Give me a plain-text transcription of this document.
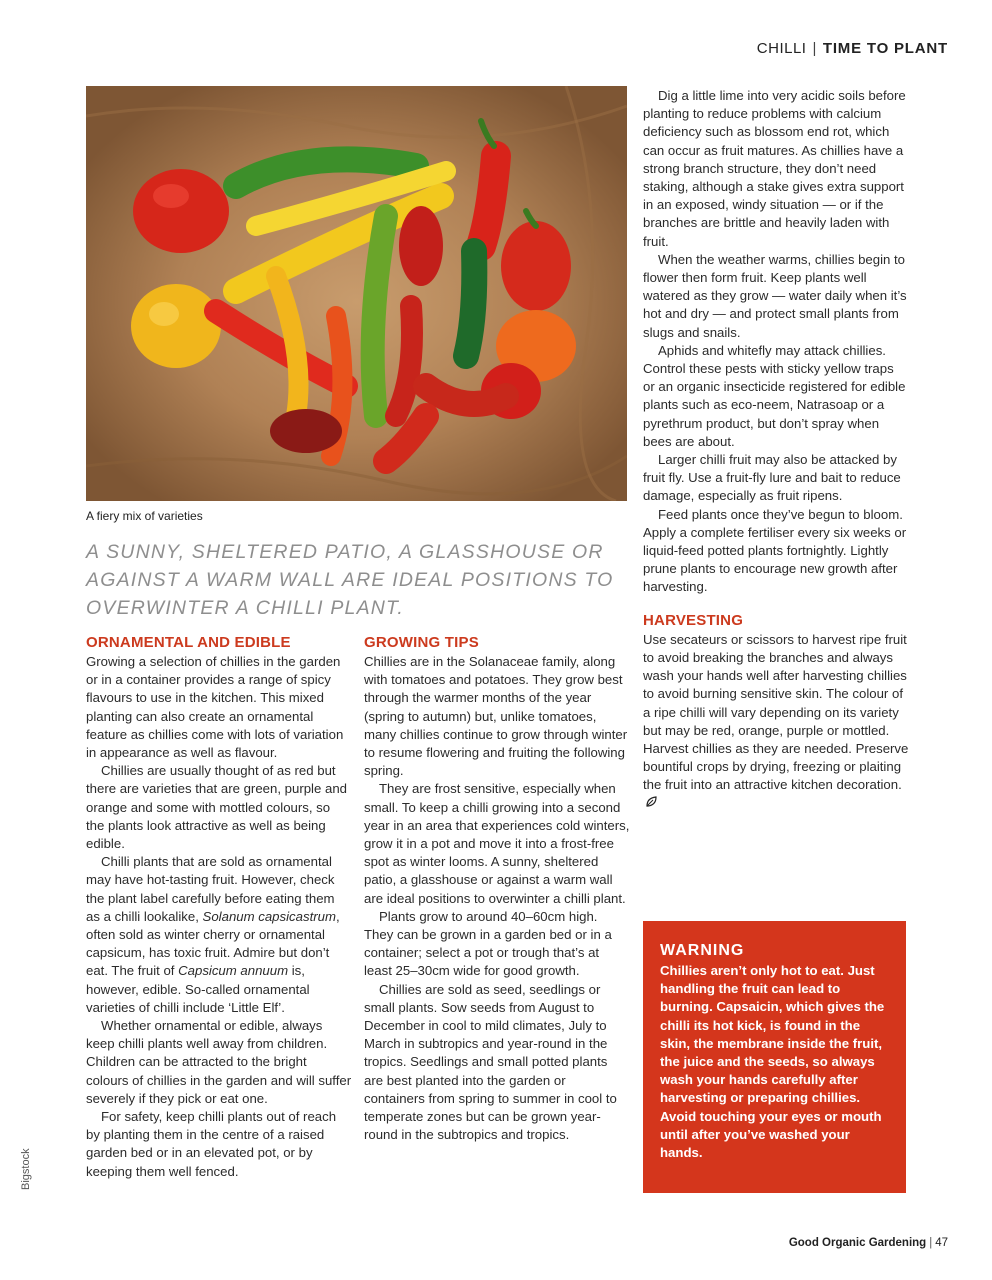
CHILLI | TIME TO PLANT
A fiery mix of varieties
A SUNNY, SHELTERED PATIO, A GLASSHOUSE OR AGAINST A WARM WALL ARE IDEAL POSITIONS TO OVERWINTER A CHILLI PLANT.
ORNAMENTAL AND EDIBLE

Growing a selection of chillies in the garden or in a container provides a range of spicy flavours to use in the kitchen. This mixed planting can also create an ornamental feature as chillies come with lots of variation in appearance as well as flavour.

Chillies are usually thought of as red but there are varieties that are green, purple and orange and some with mottled colours, so the plants look attractive as well as being edible.

Chilli plants that are sold as ornamental may have hot-tasting fruit. However, check the plant label carefully before eating them as a chilli lookalike, Solanum capsicastrum, often sold as winter cherry or ornamental capsicum, has toxic fruit. Admire but don’t eat. The fruit of Capsicum annuum is, however, edible. So-called ornamental varieties of chilli include ‘Little Elf’.

Whether ornamental or edible, always keep chilli plants well away from children. Children can be attracted to the bright colours of chillies in the garden and will suffer severely if they pick or eat one.

For safety, keep chilli plants out of reach by planting them in the centre of a raised garden bed or in an elevated pot, or by keeping them well fenced.

GROWING TIPS

Chillies are in the Solanaceae family, along with tomatoes and potatoes. They grow best through the warmer months of the year (spring to autumn) but, unlike tomatoes, many chillies continue to grow through winter to resume flowering and fruiting the following spring.

They are frost sensitive, especially when small. To keep a chilli growing into a second year in an area that experiences cold winters, grow it in a pot and move it into a frost-free spot as winter looms. A sunny, sheltered patio, a glasshouse or against a warm wall are ideal positions to overwinter a chilli plant.

Plants grow to around 40–60cm high. They can be grown in a garden bed or in a container; select a pot or trough that’s at least 25–30cm wide for good growth.

Chillies are sold as seed, seedlings or small plants. Sow seeds from August to December in cool to mild climates, July to March in subtropics and year-round in the tropics. Seedlings and small potted plants are best planted into the garden or containers from spring to summer in cool to temperate zones but can be grown year-round in the subtropics and tropics.

Dig a little lime into very acidic soils before planting to reduce problems with calcium deficiency such as blossom end rot, which can occur as fruit matures. As chillies have a strong branch structure, they don’t need staking, although a stake gives extra support in an exposed, windy situation — or if the branches are brittle and heavily laden with fruit.

When the weather warms, chillies begin to flower then form fruit. Keep plants well watered as they grow — water daily when it’s hot and dry — and protect small plants from slugs and snails.

Aphids and whitefly may attack chillies. Control these pests with sticky yellow traps or an organic insecticide registered for edible plants such as eco-neem, Natrasoap or a pyrethrum product, but don’t spray when bees are about.

Larger chilli fruit may also be attacked by fruit fly. Use a fruit-fly lure and bait to reduce damage, especially as fruit ripens.

Feed plants once they’ve begun to bloom. Apply a complete fertiliser every six weeks or liquid-feed potted plants fortnightly. Lightly prune plants to encourage new growth after harvesting.

HARVESTING

Use secateurs or scissors to harvest ripe fruit to avoid breaking the branches and always wash your hands well after harvesting chillies to avoid burning sensitive skin. The colour of a ripe chilli will vary depending on its variety but may be red, orange, purple or mottled. Harvest chillies as they are needed. Preserve bountiful crops by drying, freezing or plaiting the fruit into an attractive kitchen decoration.

WARNING
Chillies aren’t only hot to eat. Just handling the fruit can lead to burning. Capsaicin, which gives the chilli its hot kick, is found in the skin, the membrane inside the fruit, the juice and the seeds, so always wash your hands carefully after harvesting or preparing chillies. Avoid touching your eyes or mouth until after you’ve washed your hands.
Bigstock
Good Organic Gardening | 47
